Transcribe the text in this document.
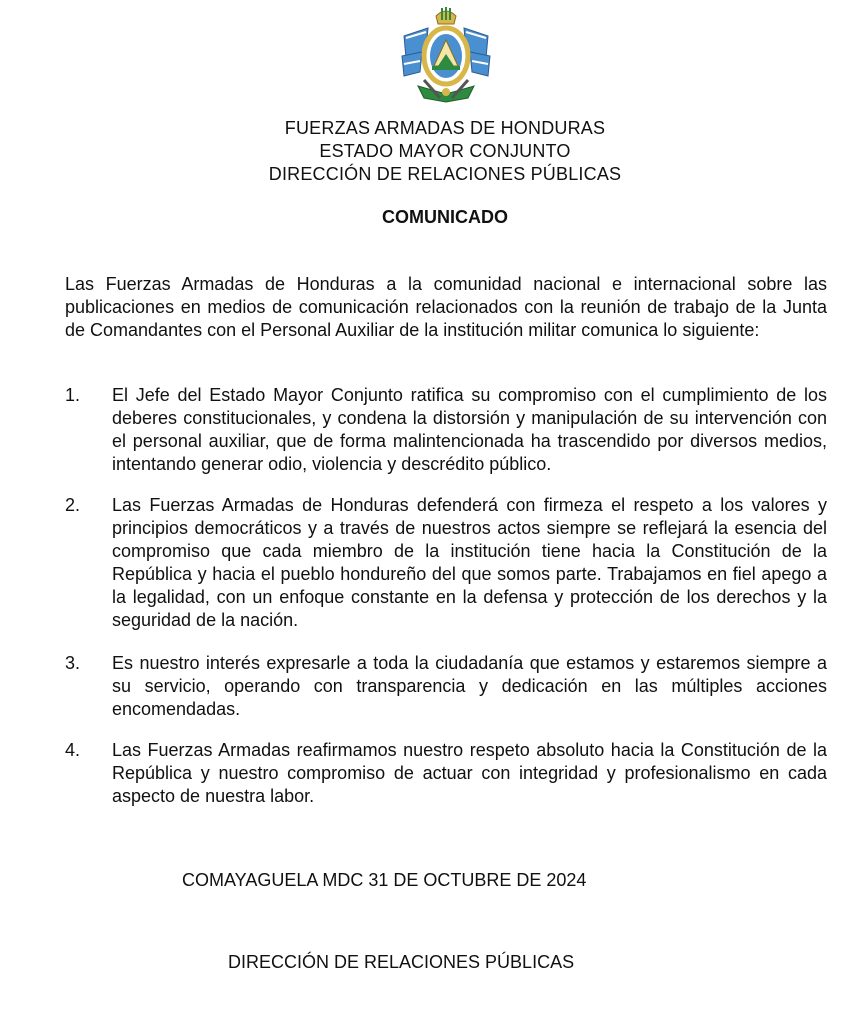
FUERZAS ARMADAS DE HONDURAS
ESTADO MAYOR CONJUNTO
DIRECCIÓN DE RELACIONES PÚBLICAS
COMUNICADO
Las Fuerzas Armadas de Honduras a la comunidad nacional e internacional sobre las publicaciones en medios de comunicación relacionados con la reunión de trabajo de la Junta de Comandantes con el Personal Auxiliar de la institución militar comunica lo siguiente:
1.	El Jefe del Estado Mayor Conjunto ratifica su compromiso con el cumplimiento de los deberes constitucionales, y condena la distorsión y manipulación de su intervención con el personal auxiliar, que de forma malintencionada ha trascendido por diversos medios, intentando generar odio, violencia y descrédito público.
2.	Las Fuerzas Armadas de Honduras defenderá con firmeza el respeto a los valores y principios democráticos y a través de nuestros actos siempre se reflejará la esencia del compromiso que cada miembro de la institución tiene hacia la Constitución de la República y hacia el pueblo hondureño del que somos parte. Trabajamos en fiel apego a la legalidad, con un enfoque constante en la defensa y protección de los derechos y la seguridad de la nación.
3.	Es nuestro interés expresarle a toda la ciudadanía que estamos y estaremos siempre a su servicio, operando con transparencia y dedicación en las múltiples acciones encomendadas.
4.	Las Fuerzas Armadas reafirmamos nuestro respeto absoluto hacia la Constitución de la República y nuestro compromiso de actuar con integridad y profesionalismo en cada aspecto de nuestra labor.
COMAYAGUELA MDC 31 DE OCTUBRE DE 2024
DIRECCIÓN DE RELACIONES PÚBLICAS
